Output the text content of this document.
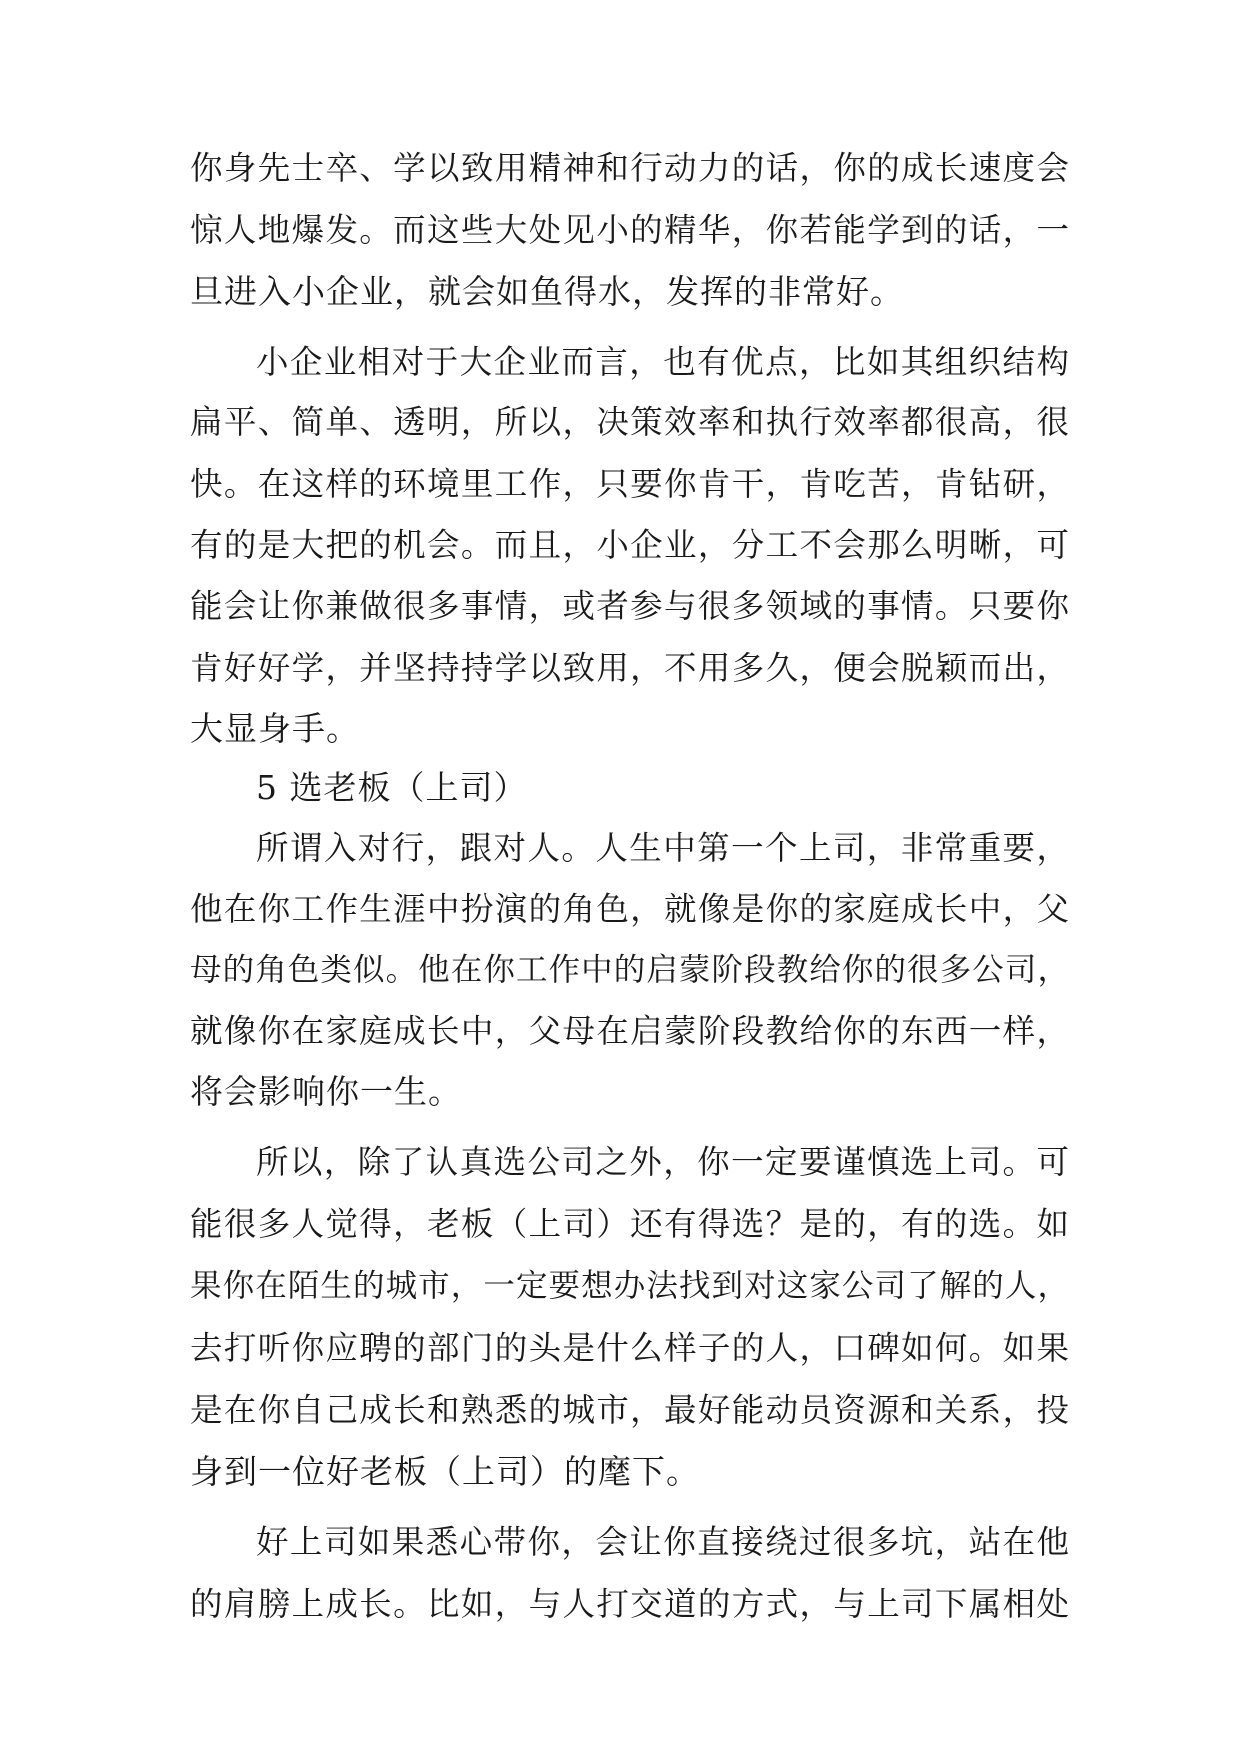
你身先士卒、学以致用精神和行动力的话，你的成长速度会
惊人地爆发。而这些大处见小的精华，你若能学到的话，一
旦进入小企业，就会如鱼得水，发挥的非常好。
小企业相对于大企业而言，也有优点，比如其组织结构
扁平、简单、透明，所以，决策效率和执行效率都很高，很
快。在这样的环境里工作，只要你肯干，肯吃苦，肯钻研，
有的是大把的机会。而且，小企业，分工不会那么明晰，可
能会让你兼做很多事情，或者参与很多领域的事情。只要你
肯好好学，并坚持持学以致用，不用多久，便会脱颖而出，
大显身手。
5 选老板（上司）
所谓入对行，跟对人。人生中第一个上司，非常重要，
他在你工作生涯中扮演的角色，就像是你的家庭成长中，父
母的角色类似。他在你工作中的启蒙阶段教给你的很多公司，
就像你在家庭成长中，父母在启蒙阶段教给你的东西一样，
将会影响你一生。
所以，除了认真选公司之外，你一定要谨慎选上司。可
能很多人觉得，老板（上司）还有得选？是的，有的选。如
果你在陌生的城市，一定要想办法找到对这家公司了解的人，
去打听你应聘的部门的头是什么样子的人，口碑如何。如果
是在你自己成长和熟悉的城市，最好能动员资源和关系，投
身到一位好老板（上司）的麾下。
好上司如果悉心带你，会让你直接绕过很多坑，站在他
的肩膀上成长。比如，与人打交道的方式，与上司下属相处
